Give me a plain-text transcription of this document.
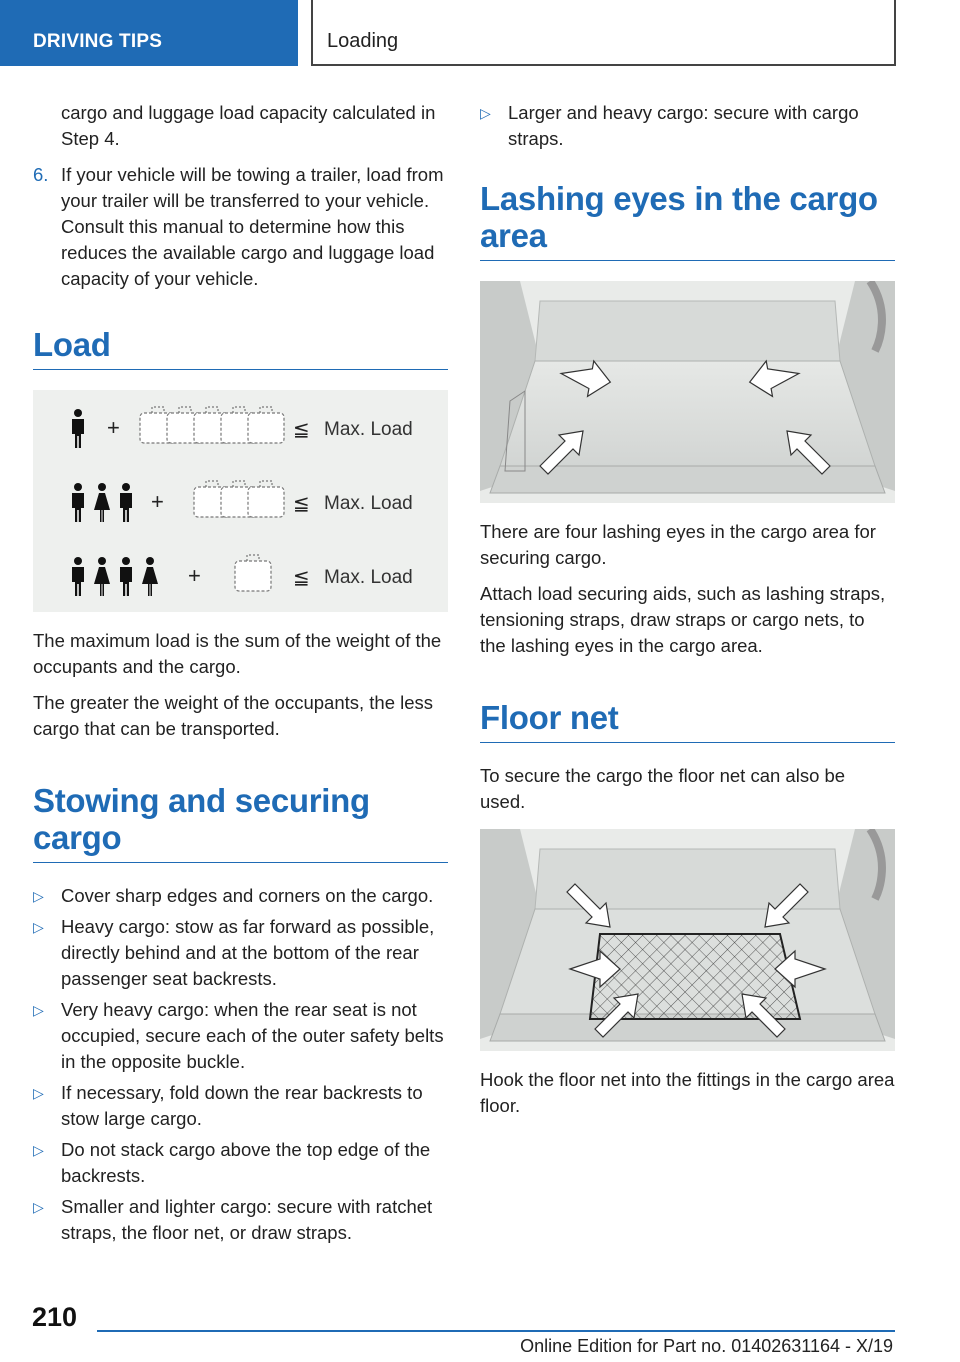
DRIVING TIPS	Loading
cargo and luggage load capacity calculated in Step 4.
6. If your vehicle will be towing a trailer, load from your trailer will be transferred to your vehicle. Consult this manual to determine how this reduces the available cargo and luggage load capacity of your vehicle.
Load
+	≦ Max. Load
+	≦ Max. Load
+	≦ Max. Load

The maximum load is the sum of the weight of the occupants and the cargo.

The greater the weight of the occupants, the less cargo that can be transported.

Stowing and securing cargo
▷ Cover sharp edges and corners on the cargo.
▷ Heavy cargo: stow as far forward as possible, directly behind and at the bottom of the rear passenger seat backrests.
▷ Very heavy cargo: when the rear seat is not occupied, secure each of the outer safety belts in the opposite buckle.
▷ If necessary, fold down the rear backrests to stow large cargo.
▷ Do not stack cargo above the top edge of the backrests.
▷ Smaller and lighter cargo: secure with ratchet straps, the floor net, or draw straps.
▷ Larger and heavy cargo: secure with cargo straps.
Lashing eyes in the cargo area

There are four lashing eyes in the cargo area for securing cargo.

Attach load securing aids, such as lashing straps, tensioning straps, draw straps or cargo nets, to the lashing eyes in the cargo area.

Floor net

To secure the cargo the floor net can also be used.

Hook the floor net into the fittings in the cargo area floor.

210
Online Edition for Part no. 01402631164 - X/19
